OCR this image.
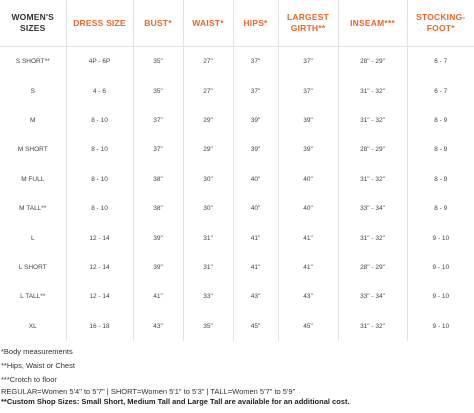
WOMEN'S SIZES	DRESS SIZE	BUST*	WAIST*	HIPS*	LARGEST GIRTH**	INSEAM***	STOCKING-FOOT*
S SHORT**	4P - 6P	35"	27"	37"	37"	28" - 29"	6 - 7
S	4 - 6	35"	27"	37"	37"	31" - 32"	6 - 7
M	8 - 10	37"	29"	39"	39"	31" - 32"	8 - 9
M SHORT	8 - 10	37"	29"	39"	39"	28" - 29"	8 - 9
M FULL	8 - 10	38"	30"	40"	40"	31" - 32"	8 - 9
M TALL**	8 - 10	38"	30"	40"	40"	33" - 34"	8 - 9
L	12 - 14	39"	31"	41"	41"	31" - 32"	9 - 10
L SHORT	12 - 14	39"	31"	41"	41"	28" - 29"	9 - 10
L TALL**	12 - 14	41"	33"	43"	43"	33" - 34"	9 - 10
XL	16 - 18	43"	35"	45"	45"	31" - 32"	9 - 10
*Body measurements
**Hips, Waist or Chest
***Crotch to floor
REGULAR=Women 5'4" to 5'7" | SHORT=Women 5'1" to 5'3" | TALL=Women 5'7" to 5'9"
**Custom Shop Sizes: Small Short, Medium Tall and Large Tall are available for an additional cost.
